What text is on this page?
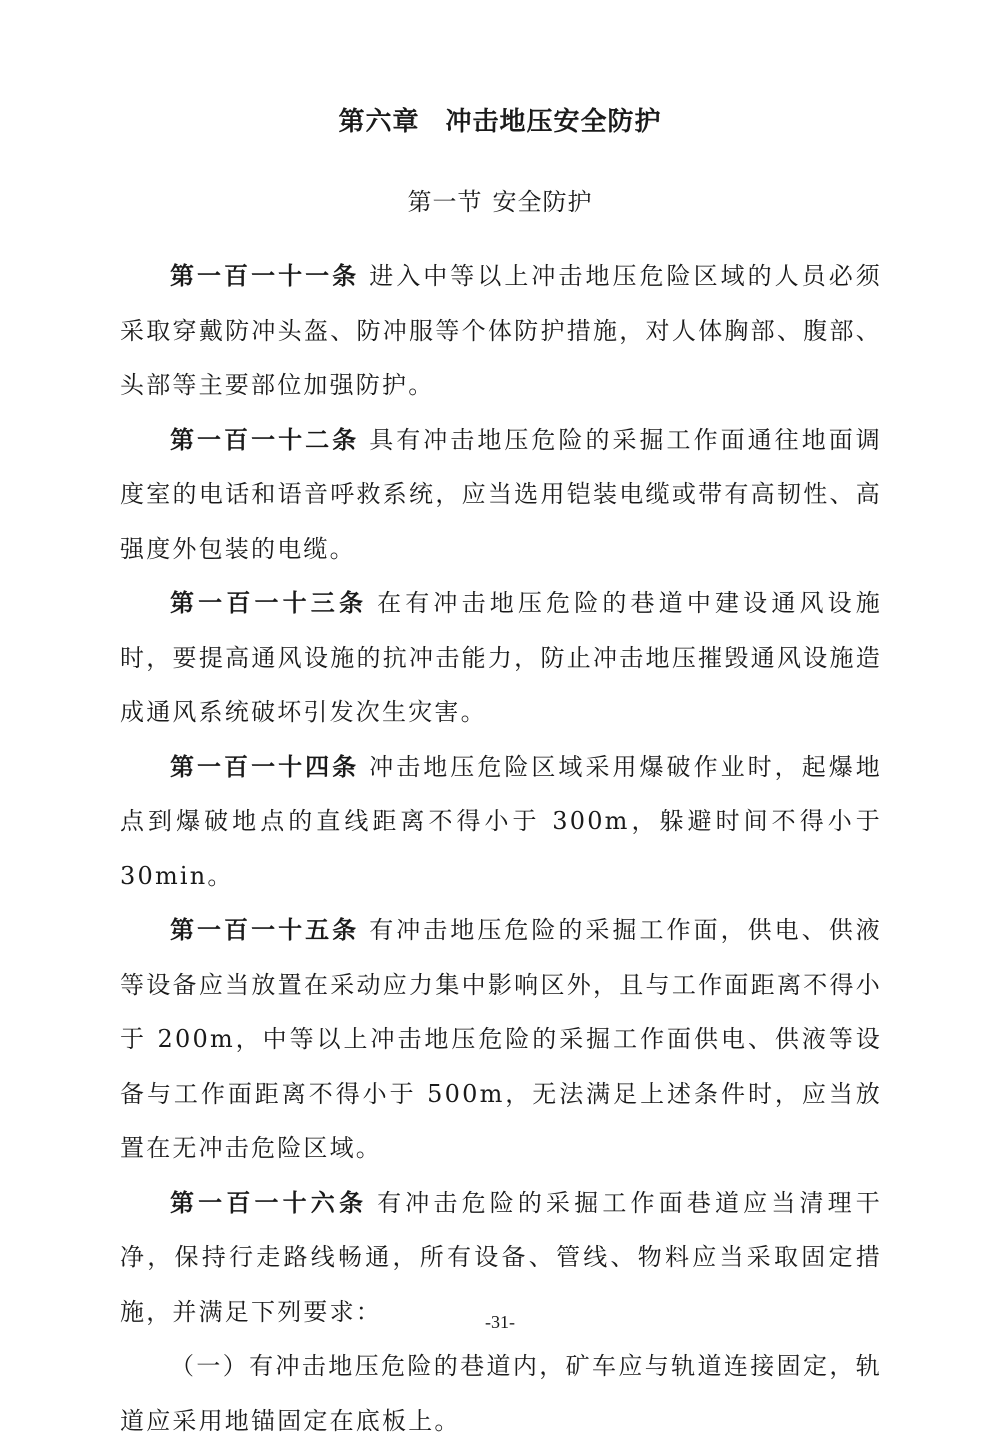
第六章 冲击地压安全防护
第一节 安全防护

第一百一十一条 进入中等以上冲击地压危险区域的人员必须采取穿戴防冲头盔、防冲服等个体防护措施，对人体胸部、腹部、头部等主要部位加强防护。

第一百一十二条 具有冲击地压危险的采掘工作面通往地面调度室的电话和语音呼救系统，应当选用铠装电缆或带有高韧性、高强度外包装的电缆。

第一百一十三条 在有冲击地压危险的巷道中建设通风设施时，要提高通风设施的抗冲击能力，防止冲击地压摧毁通风设施造成通风系统破坏引发次生灾害。

第一百一十四条 冲击地压危险区域采用爆破作业时，起爆地点到爆破地点的直线距离不得小于 300m，躲避时间不得小于 30min。

第一百一十五条 有冲击地压危险的采掘工作面，供电、供液等设备应当放置在采动应力集中影响区外，且与工作面距离不得小于 200m，中等以上冲击地压危险的采掘工作面供电、供液等设备与工作面距离不得小于 500m，无法满足上述条件时，应当放置在无冲击危险区域。

第一百一十六条 有冲击危险的采掘工作面巷道应当清理干净，保持行走路线畅通，所有设备、管线、物料应当采取固定措施，并满足下列要求：

（一）有冲击地压危险的巷道内，矿车应与轨道连接固定，轨道应采用地锚固定在底板上。

-31-
